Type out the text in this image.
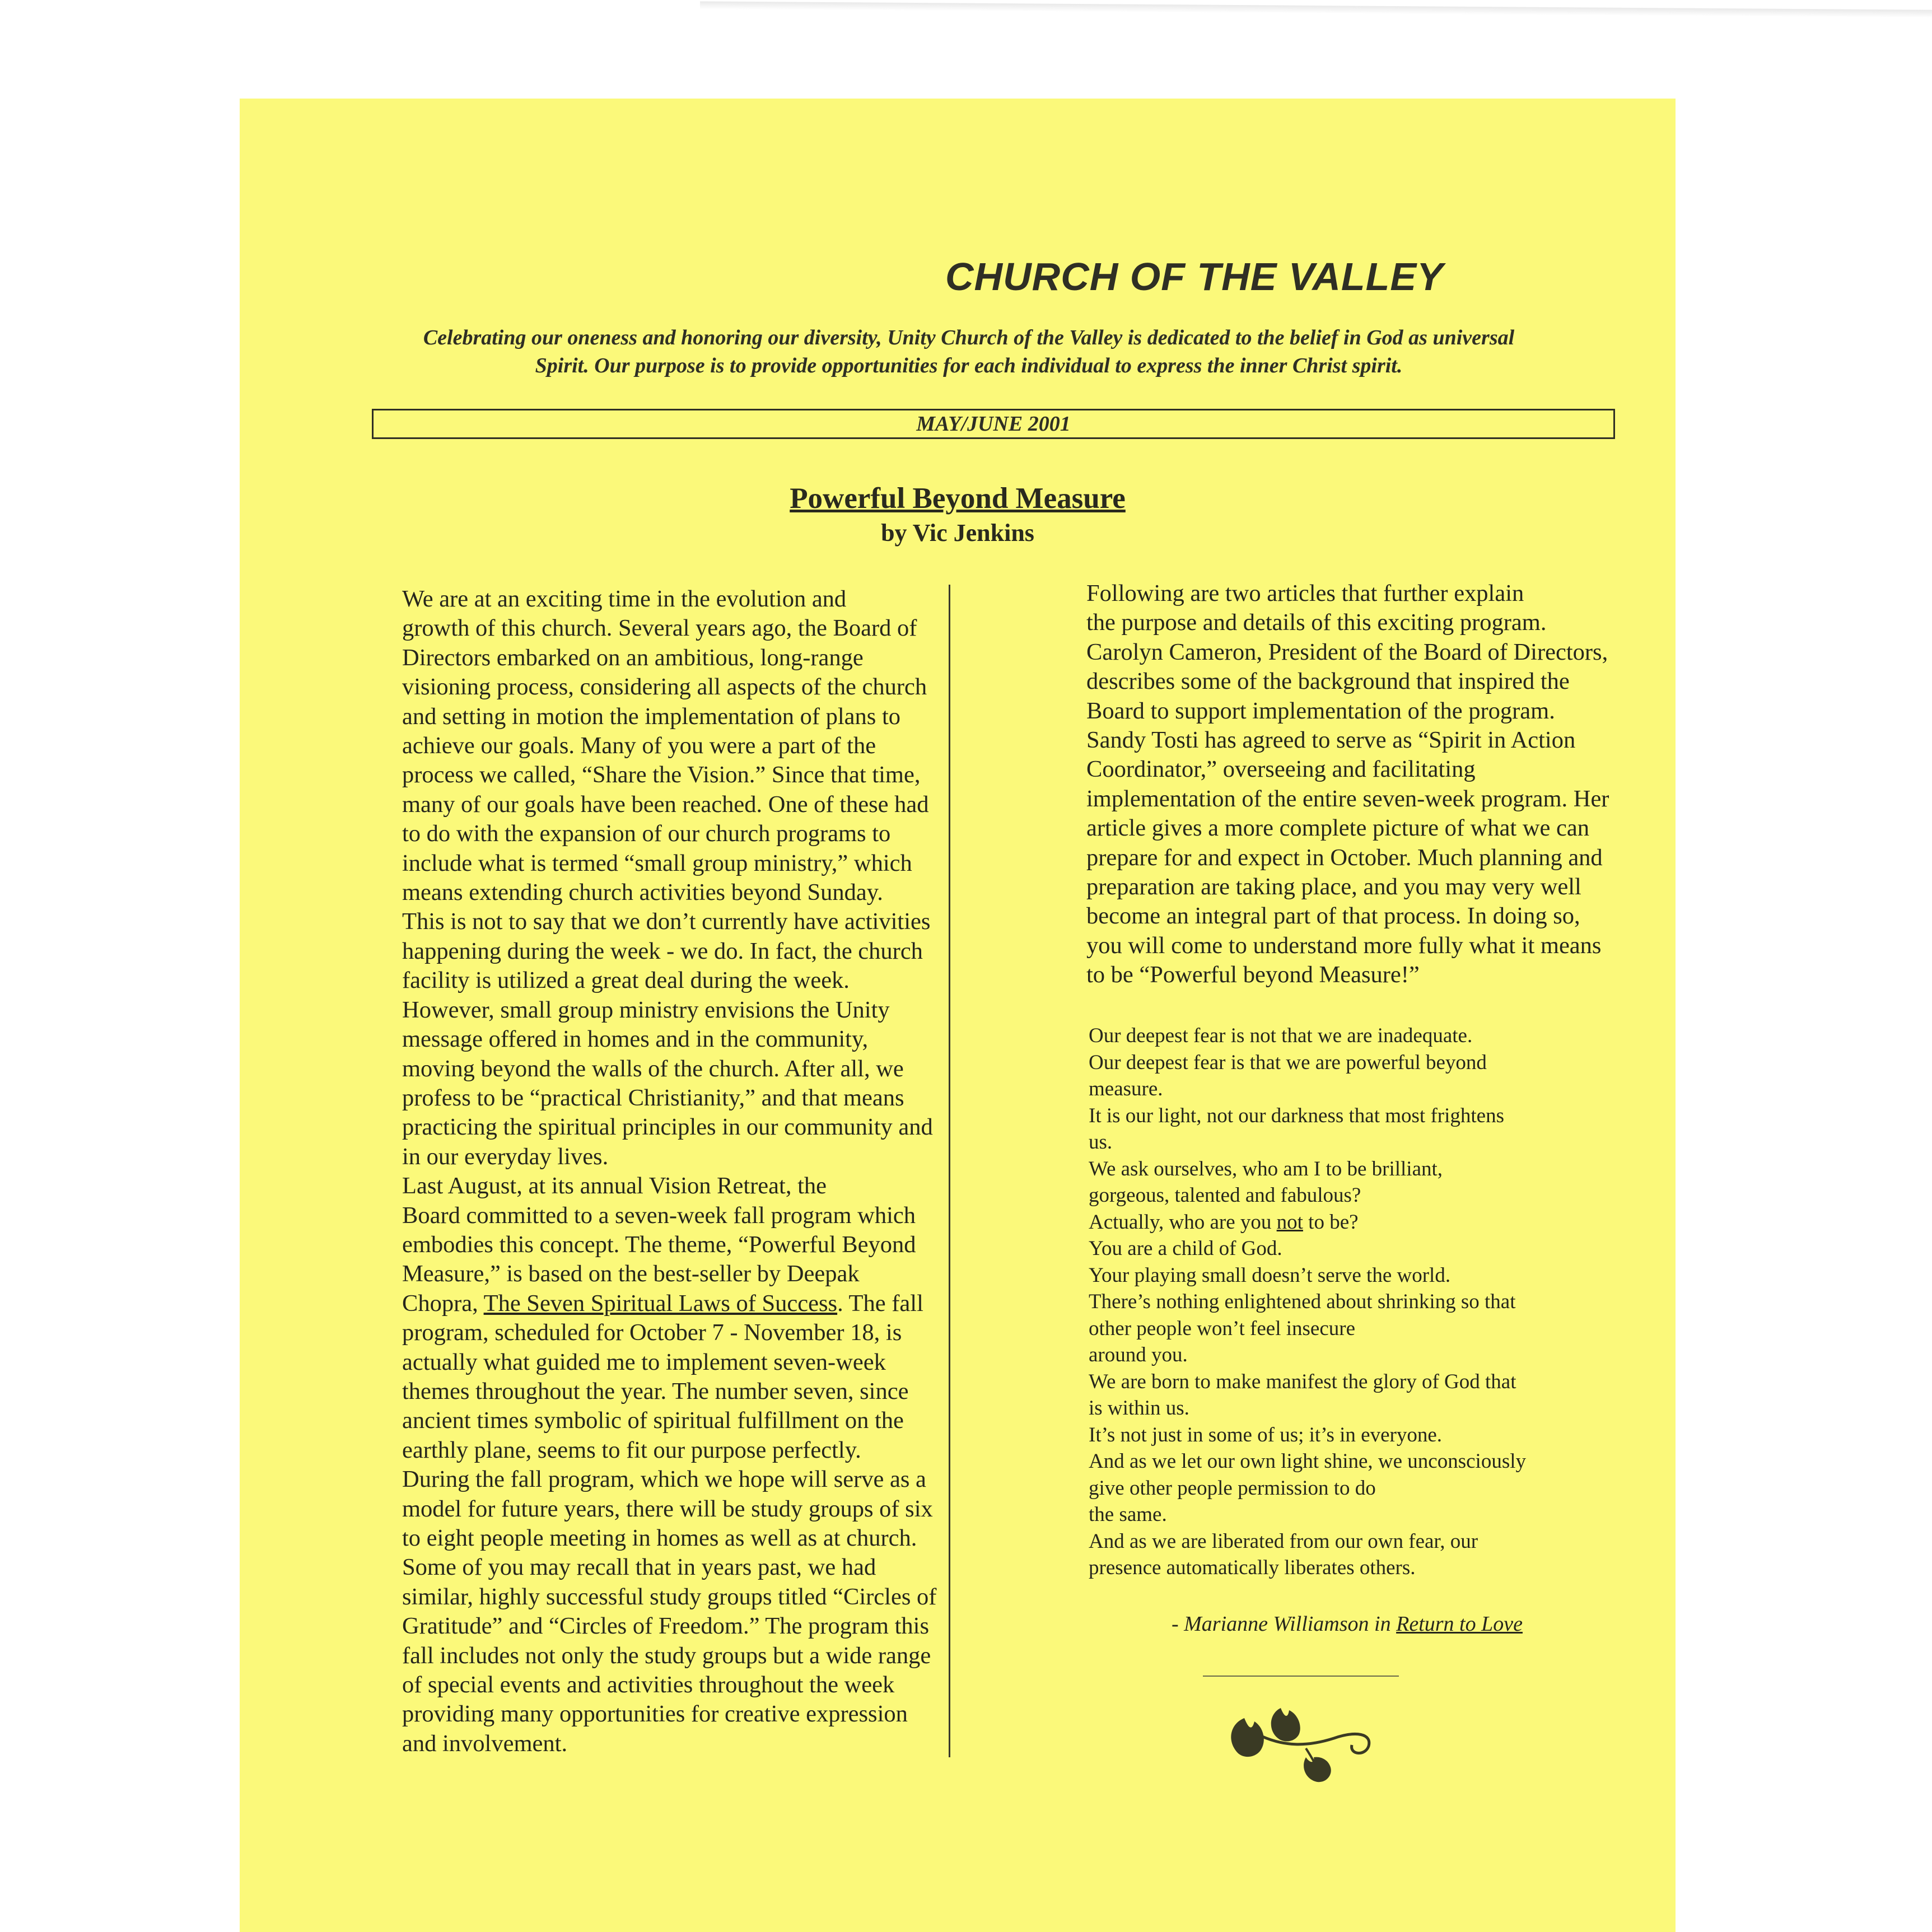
CHURCH OF THE VALLEY
Celebrating our oneness and honoring our diversity, Unity Church of the Valley is dedicated to the belief in God as universal
Spirit. Our purpose is to provide opportunities for each individual to express the inner Christ spirit.
MAY/JUNE 2001
Powerful Beyond Measure
by Vic Jenkins

We are at an exciting time in the evolution and
growth of this church. Several years ago, the Board of
Directors embarked on an ambitious, long-range
visioning process, considering all aspects of the church
and setting in motion the implementation of plans to
achieve our goals. Many of you were a part of the
process we called, “Share the Vision.” Since that time,
many of our goals have been reached. One of these had
to do with the expansion of our church programs to
include what is termed “small group ministry,” which
means extending church activities beyond Sunday.
This is not to say that we don’t currently have activities
happening during the week - we do. In fact, the church
facility is utilized a great deal during the week.
However, small group ministry envisions the Unity
message offered in homes and in the community,
moving beyond the walls of the church. After all, we
profess to be “practical Christianity,” and that means
practicing the spiritual principles in our community and
in our everyday lives.

Last August, at its annual Vision Retreat, the
Board committed to a seven-week fall program which
embodies this concept. The theme, “Powerful Beyond
Measure,” is based on the best-seller by Deepak
Chopra, The Seven Spiritual Laws of Success. The fall
program, scheduled for October 7 - November 18, is
actually what guided me to implement seven-week
themes throughout the year. The number seven, since
ancient times symbolic of spiritual fulfillment on the
earthly plane, seems to fit our purpose perfectly.
During the fall program, which we hope will serve as a
model for future years, there will be study groups of six
to eight people meeting in homes as well as at church.
Some of you may recall that in years past, we had
similar, highly successful study groups titled “Circles of
Gratitude” and “Circles of Freedom.” The program this
fall includes not only the study groups but a wide range
of special events and activities throughout the week
providing many opportunities for creative expression
and involvement.

Following are two articles that further explain
the purpose and details of this exciting program.
Carolyn Cameron, President of the Board of Directors,
describes some of the background that inspired the
Board to support implementation of the program.
Sandy Tosti has agreed to serve as “Spirit in Action
Coordinator,” overseeing and facilitating
implementation of the entire seven-week program. Her
article gives a more complete picture of what we can
prepare for and expect in October. Much planning and
preparation are taking place, and you may very well
become an integral part of that process. In doing so,
you will come to understand more fully what it means
to be “Powerful beyond Measure!”

Our deepest fear is not that we are inadequate.
Our deepest fear is that we are powerful beyond
measure.
It is our light, not our darkness that most frightens
us.
We ask ourselves, who am I to be brilliant,
gorgeous, talented and fabulous?
Actually, who are you not to be?
You are a child of God.
Your playing small doesn’t serve the world.
There’s nothing enlightened about shrinking so that
other people won’t feel insecure
around you.
We are born to make manifest the glory of God that
is within us.
It’s not just in some of us; it’s in everyone.
And as we let our own light shine, we unconsciously
give other people permission to do
the same.
And as we are liberated from our own fear, our
presence automatically liberates others.
- Marianne Williamson in Return to Love
